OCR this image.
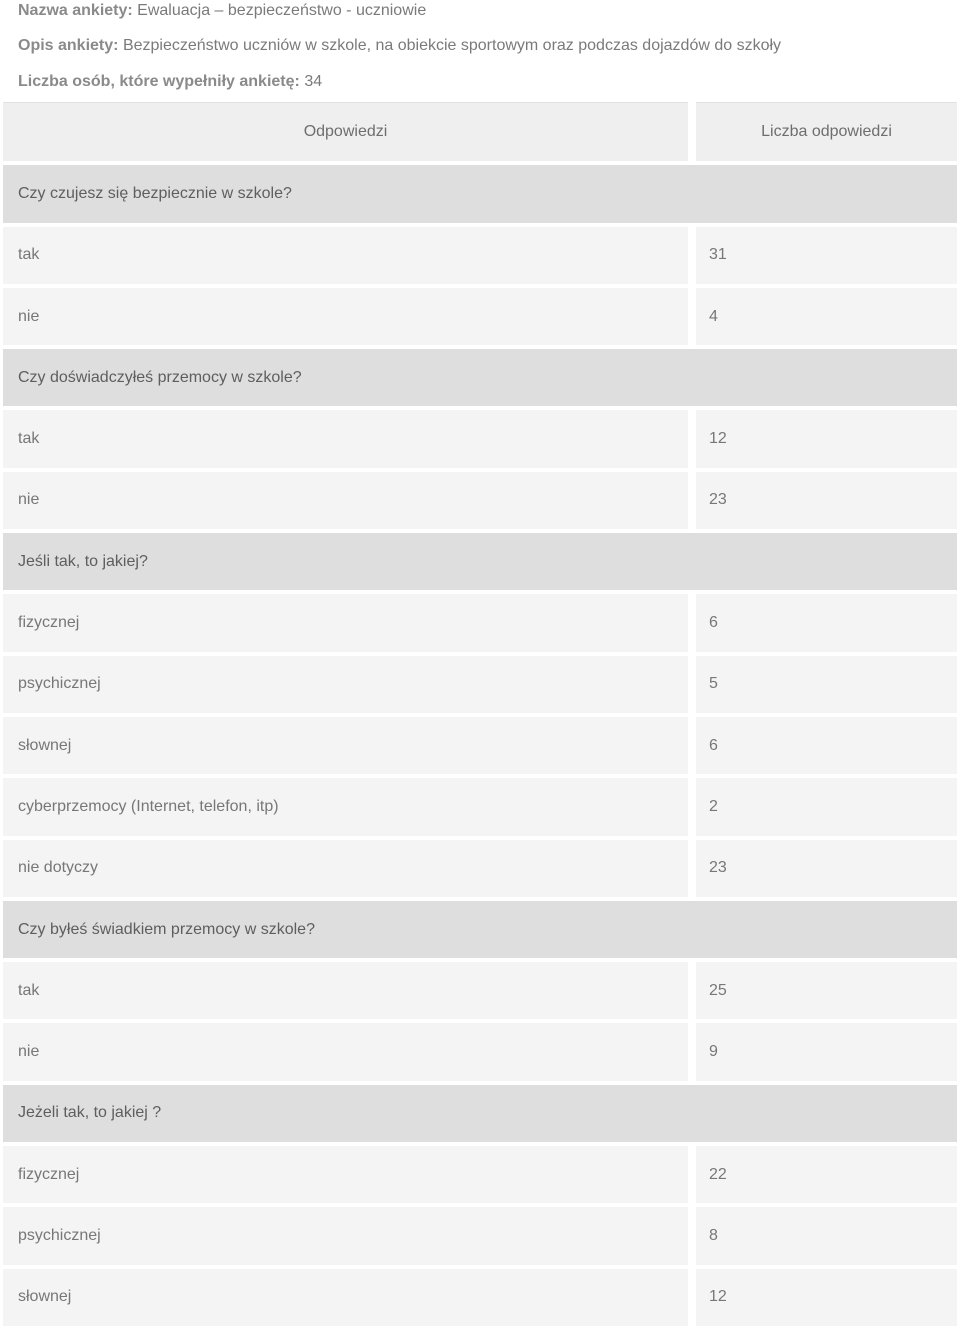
Nazwa ankiety: Ewaluacja – bezpieczeństwo - uczniowie
Opis ankiety: Bezpieczeństwo uczniów w szkole, na obiekcie sportowym oraz podczas dojazdów do szkoły
Liczba osób, które wypełniły ankietę: 34
Odpowiedzi	Liczba odpowiedzi
Czy czujesz się bezpiecznie w szkole?
tak	31
nie	4
Czy doświadczyłeś przemocy w szkole?
tak	12
nie	23
Jeśli tak, to jakiej?
fizycznej	6
psychicznej	5
słownej	6
cyberprzemocy (Internet, telefon, itp)	2
nie dotyczy	23
Czy byłeś świadkiem przemocy w szkole?
tak	25
nie	9
Jeżeli tak, to jakiej ?
fizycznej	22
psychicznej	8
słownej	12
